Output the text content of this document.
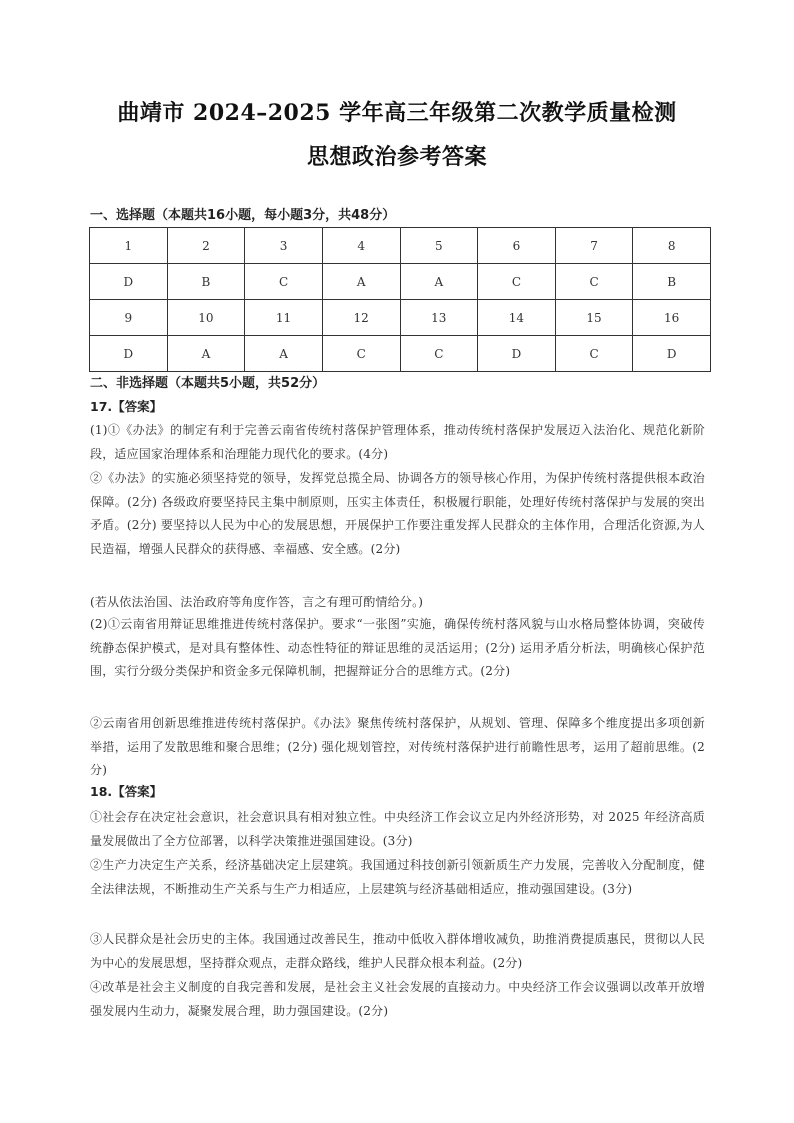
曲靖市 2024–2025 学年高三年级第二次教学质量检测
思想政治参考答案
一、选择题（本题共16小题，每小题3分，共48分）
1	2	3	4	5	6	7	8
D	B	C	A	A	C	C	B
9	10	11	12	13	14	15	16
D	A	A	C	C	D	C	D
二、非选择题（本题共5小题，共52分）
17.【答案】
(1)①《办法》的制定有利于完善云南省传统村落保护管理体系，推动传统村落保护发展迈入法治化、规范化新阶段，适应国家治理体系和治理能力现代化的要求。(4分)
②《办法》的实施必须坚持党的领导，发挥党总揽全局、协调各方的领导核心作用，为保护传统村落提供根本政治保障。(2分) 各级政府要坚持民主集中制原则，压实主体责任，积极履行职能，处理好传统村落保护与发展的突出矛盾。(2分) 要坚持以人民为中心的发展思想，开展保护工作要注重发挥人民群众的主体作用，合理活化资源,为人民造福，增强人民群众的获得感、幸福感、安全感。(2分)
(若从依法治国、法治政府等角度作答，言之有理可酌情给分。)
(2)①云南省用辩证思维推进传统村落保护。要求“一张图”实施，确保传统村落风貌与山水格局整体协调，突破传统静态保护模式，是对具有整体性、动态性特征的辩证思维的灵活运用；(2分) 运用矛盾分析法，明确核心保护范围，实行分级分类保护和资金多元保障机制，把握辩证分合的思维方式。(2分)
②云南省用创新思维推进传统村落保护。《办法》聚焦传统村落保护，从规划、管理、保障多个维度提出多项创新举措，运用了发散思维和聚合思维；(2分) 强化规划管控，对传统村落保护进行前瞻性思考，运用了超前思维。(2分)
18.【答案】
①社会存在决定社会意识，社会意识具有相对独立性。中央经济工作会议立足内外经济形势，对 2025 年经济高质量发展做出了全方位部署，以科学决策推进强国建设。(3分)
②生产力决定生产关系，经济基础决定上层建筑。我国通过科技创新引领新质生产力发展，完善收入分配制度，健全法律法规，不断推动生产关系与生产力相适应，上层建筑与经济基础相适应，推动强国建设。(3分)
③人民群众是社会历史的主体。我国通过改善民生，推动中低收入群体增收减负，助推消费提质惠民，贯彻以人民为中心的发展思想，坚持群众观点，走群众路线，维护人民群众根本利益。(2分)
④改革是社会主义制度的自我完善和发展，是社会主义社会发展的直接动力。中央经济工作会议强调以改革开放增强发展内生动力，凝聚发展合理，助力强国建设。(2分)
